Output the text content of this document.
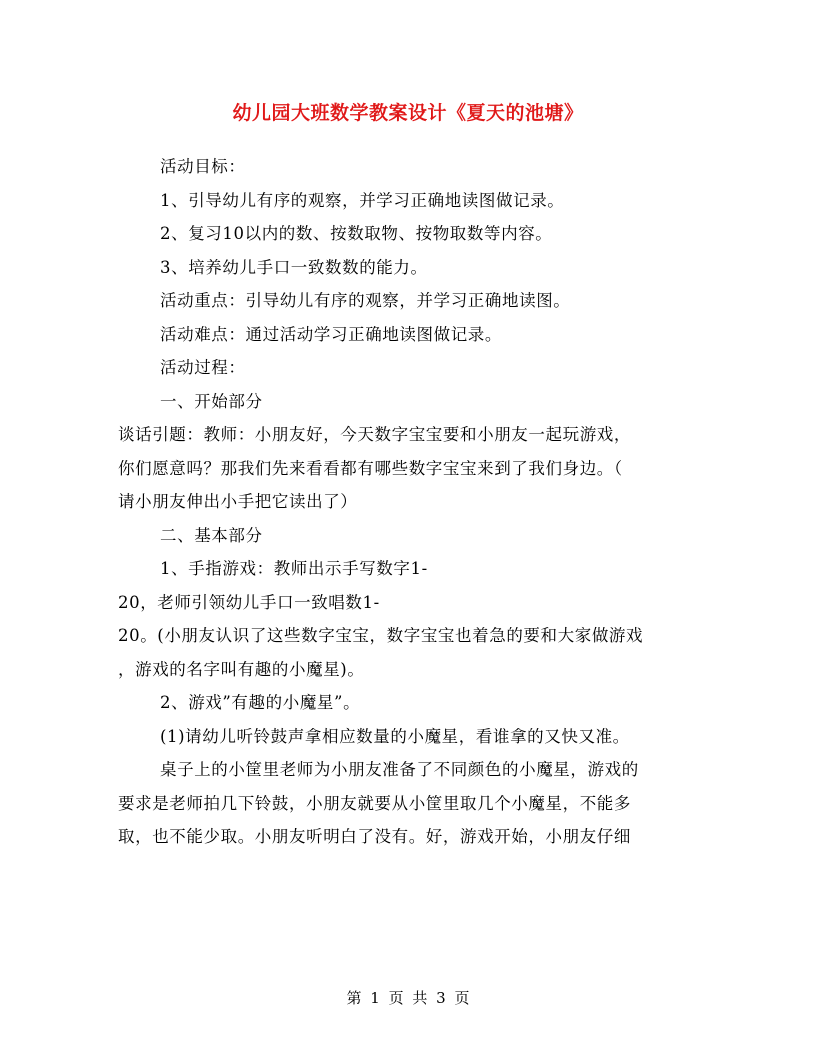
幼儿园大班数学教案设计《夏天的池塘》
活动目标：
1、引导幼儿有序的观察，并学习正确地读图做记录。
2、复习10以内的数、按数取物、按物取数等内容。
3、培养幼儿手口一致数数的能力。
活动重点：引导幼儿有序的观察，并学习正确地读图。
活动难点：通过活动学习正确地读图做记录。
活动过程：
一、开始部分
谈话引题：教师：小朋友好，今天数字宝宝要和小朋友一起玩游戏，
你们愿意吗？那我们先来看看都有哪些数字宝宝来到了我们身边。（
请小朋友伸出小手把它读出了）
二、基本部分
1、手指游戏：教师出示手写数字1-
20，老师引领幼儿手口一致唱数1-
20。(小朋友认识了这些数字宝宝，数字宝宝也着急的要和大家做游戏
，游戏的名字叫有趣的小魔星)。
2、游戏”有趣的小魔星”。
(1)请幼儿听铃鼓声拿相应数量的小魔星，看谁拿的又快又准。
桌子上的小筐里老师为小朋友准备了不同颜色的小魔星，游戏的
要求是老师拍几下铃鼓，小朋友就要从小筐里取几个小魔星，不能多
取，也不能少取。小朋友听明白了没有。好，游戏开始，小朋友仔细
第 1 页 共 3 页
